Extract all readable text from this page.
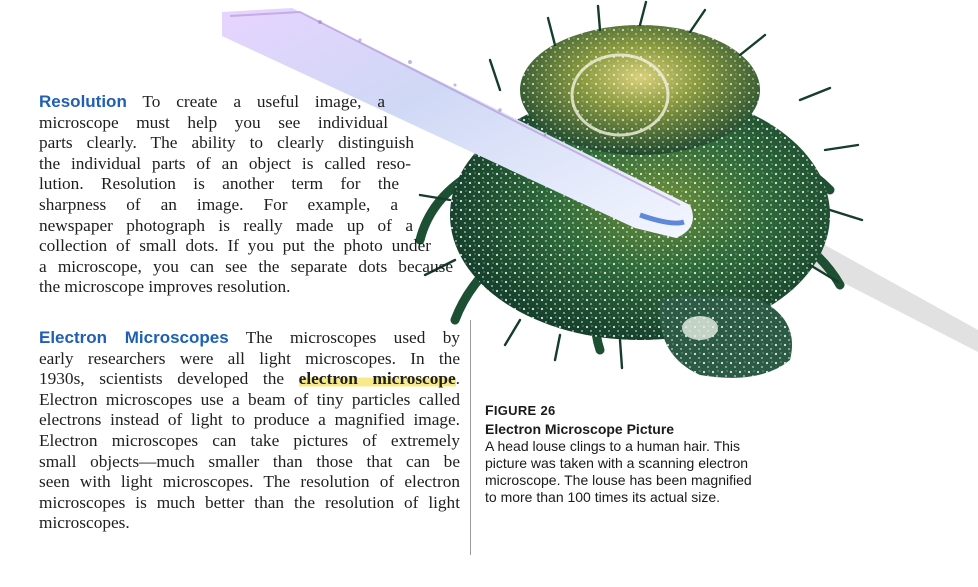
Resolution To create a useful image, a
microscope must help you see individual
parts clearly. The ability to clearly distinguish
the individual parts of an object is called reso-
lution. Resolution is another term for the
sharpness of an image. For example, a
newspaper photograph is really made up of a
collection of small dots. If you put the photo under
a microscope, you can see the separate dots because
the microscope improves resolution.

Electron Microscopes The microscopes used by
early researchers were all light microscopes. In the
1930s, scientists developed the electron microscope.
Electron microscopes use a beam of tiny particles called
electrons instead of light to produce a magnified image.
Electron microscopes can take pictures of extremely
small objects—much smaller than those that can be
seen with light microscopes. The resolution of electron
microscopes is much better than the resolution of light
microscopes.

FIGURE 26
Electron Microscope Picture
A head louse clings to a human hair. This
picture was taken with a scanning electron
microscope. The louse has been magnified
to more than 100 times its actual size.
